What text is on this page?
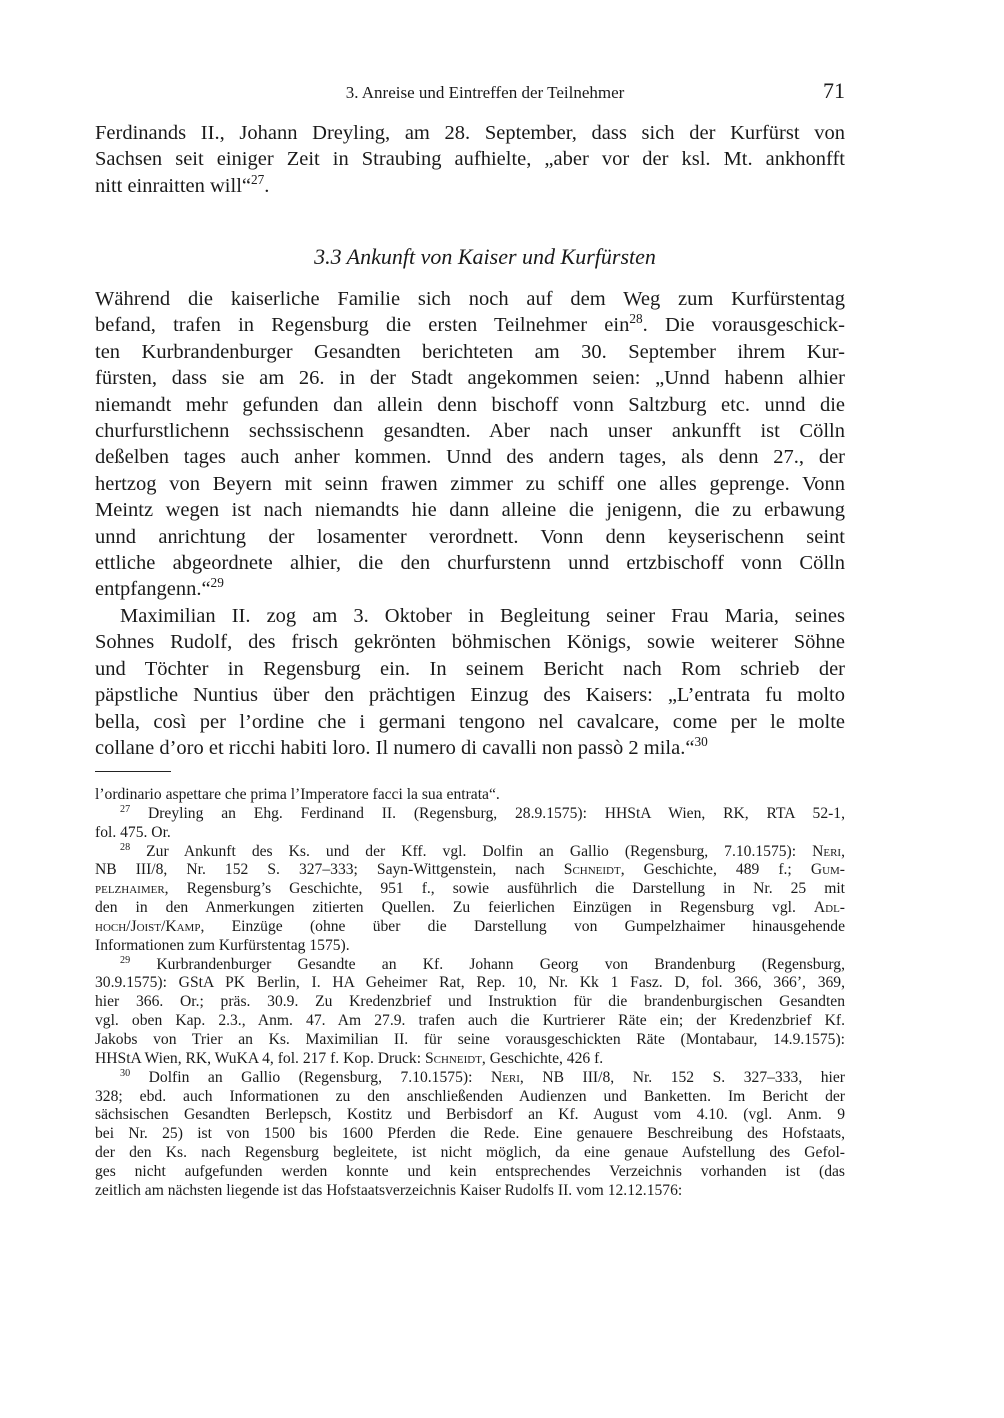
3. Anreise und Eintreffen der Teilnehmer	71
Ferdinands II., Johann Dreyling, am 28. September, dass sich der Kurfürst von
Sachsen seit einiger Zeit in Straubing aufhielte, „aber vor der ksl. Mt. ankhonfft
nitt einraitten will“$^{27}$.
3.3 Ankunft von Kaiser und Kurfürsten
Während die kaiserliche Familie sich noch auf dem Weg zum Kurfürstentag
befand, trafen in Regensburg die ersten Teilnehmer ein$^{28}$. Die vorausgeschick-
ten Kurbrandenburger Gesandten berichteten am 30. September ihrem Kur-
fürsten, dass sie am 26. in der Stadt angekommen seien: „Unnd habenn alhier
niemandt mehr gefunden dan allein denn bischoff vonn Saltzburg etc. unnd die
churfurstlichenn sechssischenn gesandten. Aber nach unser ankunfft ist Cölln
deßelben tages auch anher kommen. Unnd des andern tages, als denn 27., der
hertzog von Beyern mit seinn frawen zimmer zu schiff one alles geprenge. Vonn
Meintz wegen ist nach niemandts hie dann alleine die jenigenn, die zu erbawung
unnd anrichtung der losamenter verordnett. Vonn denn keyserischenn seint
ettliche abgeordnete alhier, die den churfurstenn unnd ertzbischoff vonn Cölln
entpfangenn.“$^{29}$
Maximilian II. zog am 3. Oktober in Begleitung seiner Frau Maria, seines
Sohnes Rudolf, des frisch gekrönten böhmischen Königs, sowie weiterer Söhne
und Töchter in Regensburg ein. In seinem Bericht nach Rom schrieb der
päpstliche Nuntius über den prächtigen Einzug des Kaisers: „L’entrata fu molto
bella, così per l’ordine che i germani tengono nel cavalcare, come per le molte
collane d’oro et ricchi habiti loro. Il numero di cavalli non passò 2 mila.“$^{30}$
l’ordinario aspettare che prima l’Imperatore facci la sua entrata“.
$^{27}$ Dreyling an Ehg. Ferdinand II. (Regensburg, 28.9.1575): HHStA Wien, RK, RTA 52-1,
fol. 475. Or.
$^{28}$ Zur Ankunft des Ks. und der Kff. vgl. Dolfin an Gallio (Regensburg, 7.10.1575): Neri,
NB III/8, Nr. 152 S. 327–333; Sayn-Wittgenstein, nach Schneidt, Geschichte, 489 f.; Gum-
pelzhaimer, Regensburg’s Geschichte, 951 f., sowie ausführlich die Darstellung in Nr. 25 mit
den in den Anmerkungen zitierten Quellen. Zu feierlichen Einzügen in Regensburg vgl. Adl-
hoch/Joist/Kamp, Einzüge (ohne über die Darstellung von Gumpelzhaimer hinausgehende
Informationen zum Kurfürstentag 1575).
$^{29}$ Kurbrandenburger Gesandte an Kf. Johann Georg von Brandenburg (Regensburg,
30.9.1575): GStA PK Berlin, I. HA Geheimer Rat, Rep. 10, Nr. Kk 1 Fasz. D, fol. 366, 366’, 369,
hier 366. Or.; präs. 30.9. Zu Kredenzbrief und Instruktion für die brandenburgischen Gesandten
vgl. oben Kap. 2.3., Anm. 47. Am 27.9. trafen auch die Kurtrierer Räte ein; der Kredenzbrief Kf.
Jakobs von Trier an Ks. Maximilian II. für seine vorausgeschickten Räte (Montabaur, 14.9.1575):
HHStA Wien, RK, WuKA 4, fol. 217 f. Kop. Druck: Schneidt, Geschichte, 426 f.
$^{30}$ Dolfin an Gallio (Regensburg, 7.10.1575): Neri, NB III/8, Nr. 152 S. 327–333, hier
328; ebd. auch Informationen zu den anschließenden Audienzen und Banketten. Im Bericht der
sächsischen Gesandten Berlepsch, Kostitz und Berbisdorf an Kf. August vom 4.10. (vgl. Anm. 9
bei Nr. 25) ist von 1500 bis 1600 Pferden die Rede. Eine genauere Beschreibung des Hofstaats,
der den Ks. nach Regensburg begleitete, ist nicht möglich, da eine genaue Aufstellung des Gefol-
ges nicht aufgefunden werden konnte und kein entsprechendes Verzeichnis vorhanden ist (das
zeitlich am nächsten liegende ist das Hofstaatsverzeichnis Kaiser Rudolfs II. vom 12.12.1576:
